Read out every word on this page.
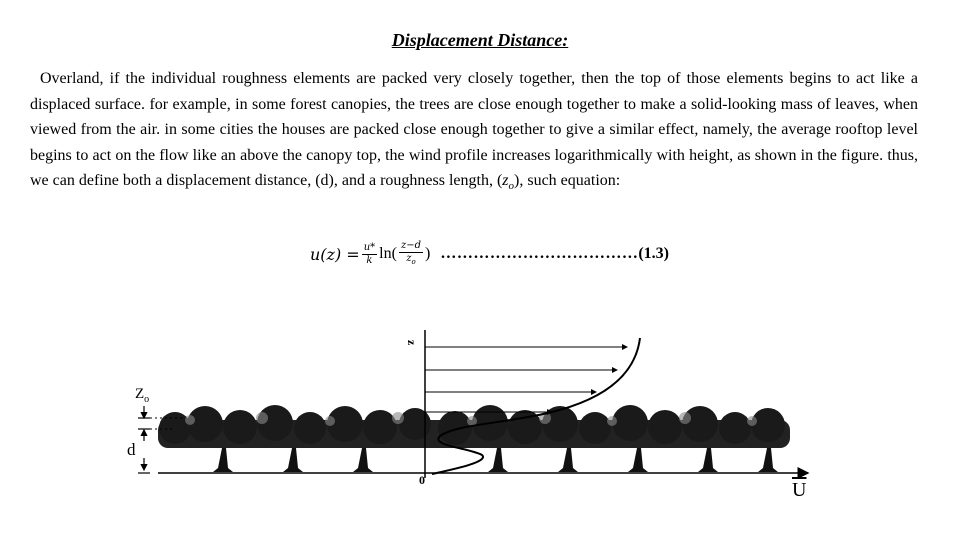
Displacement Distance:
Overland, if the individual roughness elements are packed very closely together, then the top of those elements begins to act like a displaced surface. for example, in some forest canopies, the trees are close enough together to make a solid-looking mass of leaves, when viewed from the air. in some cities the houses are packed close enough together to give a similar effect, namely, the average rooftop level begins to act on the flow like an above the canopy top, the wind profile increases logarithmically with height, as shown in the figure. thus, we can define both a displacement distance, (d), and a roughness length, $(z_o)$, such equation:
$u(z) = \frac{u*}{k} \ln( \frac{z-d}{z_o}$ ) ……………………………… (1.3)
z
$Z_o$
d
0	$\overline{U}$
